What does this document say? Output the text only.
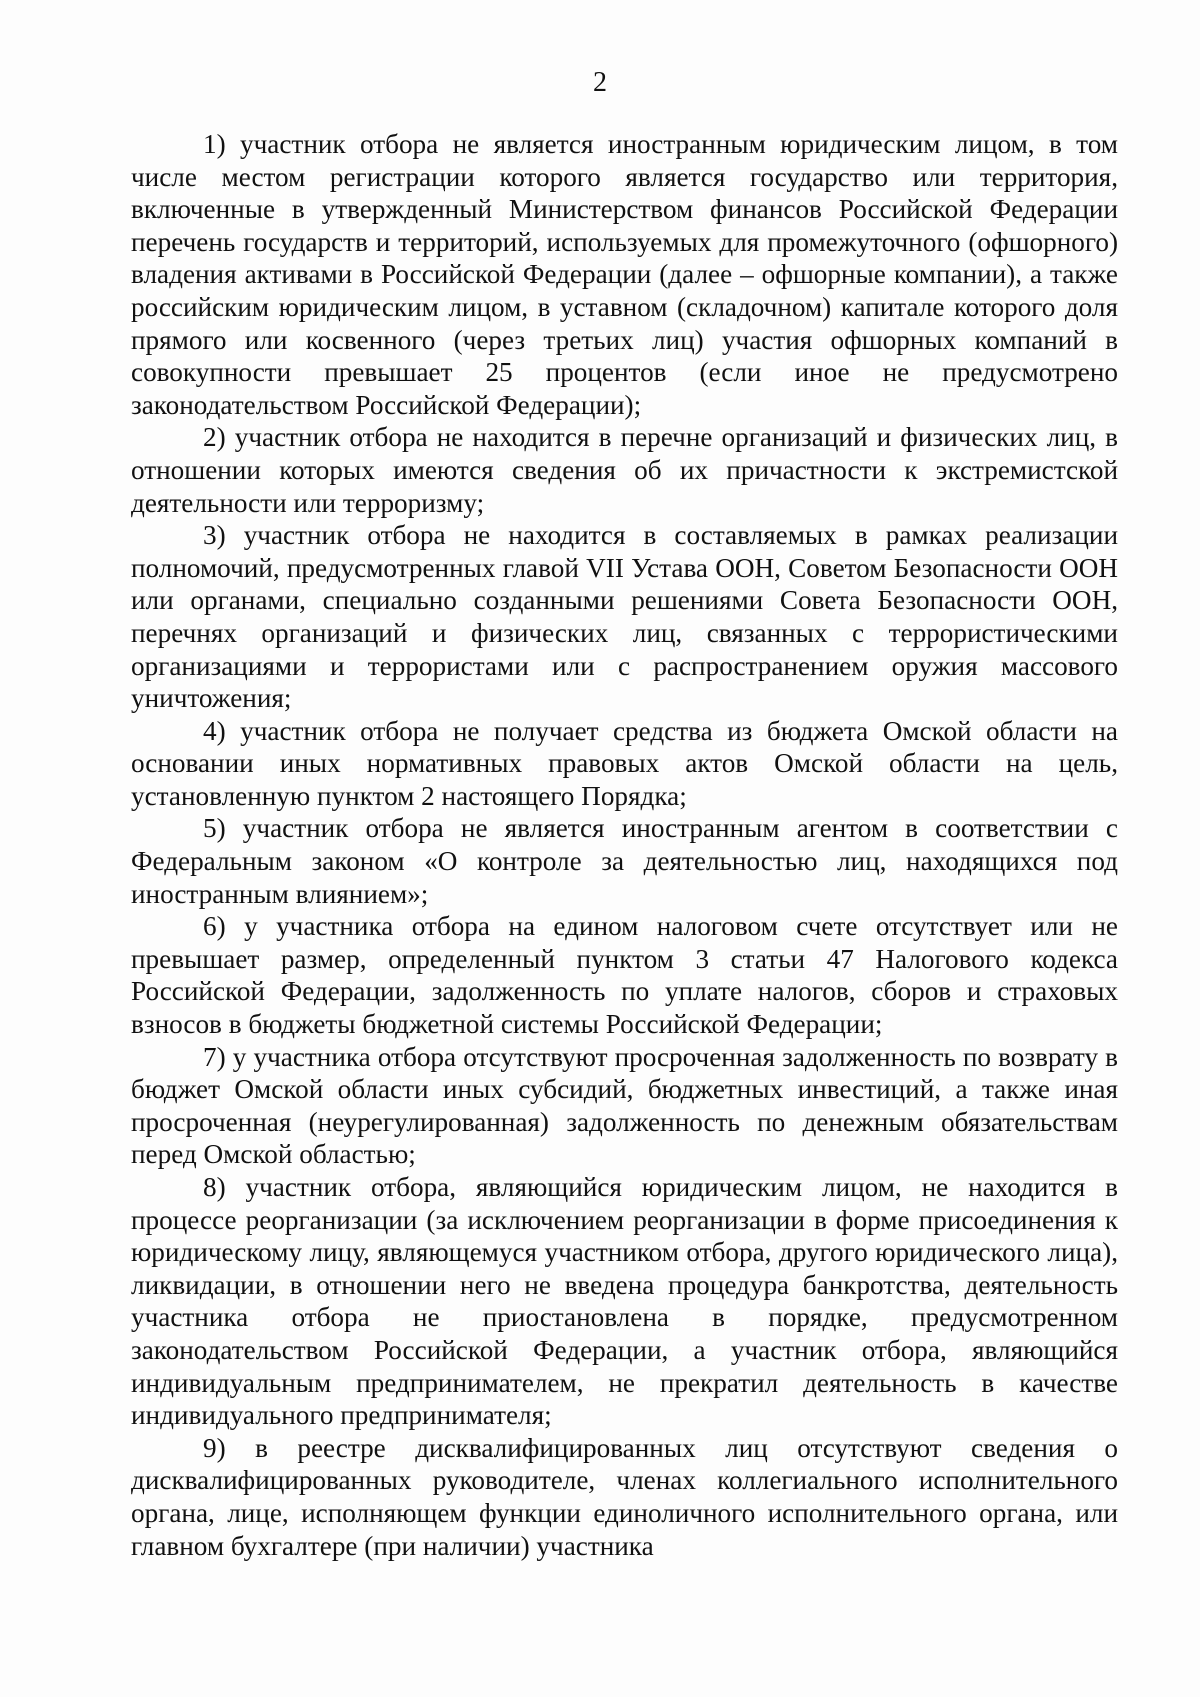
2

1) участник отбора не является иностранным юридическим лицом, в том числе местом регистрации которого является государство или территория, включенные в утвержденный Министерством финансов Российской Федерации перечень государств и территорий, используемых для промежуточного (офшорного) владения активами в Российской Федерации (далее – офшорные компании), а также российским юридическим лицом, в уставном (складочном) капитале которого доля прямого или косвенного (через третьих лиц) участия офшорных компаний в совокупности превышает 25 процентов (если иное не предусмотрено законодательством Российской Федерации);

2) участник отбора не находится в перечне организаций и физических лиц, в отношении которых имеются сведения об их причастности к экстремистской деятельности или терроризму;

3) участник отбора не находится в составляемых в рамках реализации полномочий, предусмотренных главой VII Устава ООН, Советом Безопасности ООН или органами, специально созданными решениями Совета Безопасности ООН, перечнях организаций и физических лиц, связанных с террористическими организациями и террористами или с распространением оружия массового уничтожения;

4) участник отбора не получает средства из бюджета Омской области на основании иных нормативных правовых актов Омской области на цель, установленную пунктом 2 настоящего Порядка;

5) участник отбора не является иностранным агентом в соответствии с Федеральным законом «О контроле за деятельностью лиц, находящихся под иностранным влиянием»;

6) у участника отбора на едином налоговом счете отсутствует или не превышает размер, определенный пунктом 3 статьи 47 Налогового кодекса Российской Федерации, задолженность по уплате налогов, сборов и страховых взносов в бюджеты бюджетной системы Российской Федерации;

7) у участника отбора отсутствуют просроченная задолженность по возврату в бюджет Омской области иных субсидий, бюджетных инвестиций, а также иная просроченная (неурегулированная) задолженность по денежным обязательствам перед Омской областью;

8) участник отбора, являющийся юридическим лицом, не находится в процессе реорганизации (за исключением реорганизации в форме присоединения к юридическому лицу, являющемуся участником отбора, другого юридического лица), ликвидации, в отношении него не введена процедура банкротства, деятельность участника отбора не приостановлена в порядке, предусмотренном законодательством Российской Федерации, а участник отбора, являющийся индивидуальным предпринимателем, не прекратил деятельность в качестве индивидуального предпринимателя;

9) в реестре дисквалифицированных лиц отсутствуют сведения о дисквалифицированных руководителе, членах коллегиального исполнительного органа, лице, исполняющем функции единоличного исполнительного органа, или главном бухгалтере (при наличии) участника
